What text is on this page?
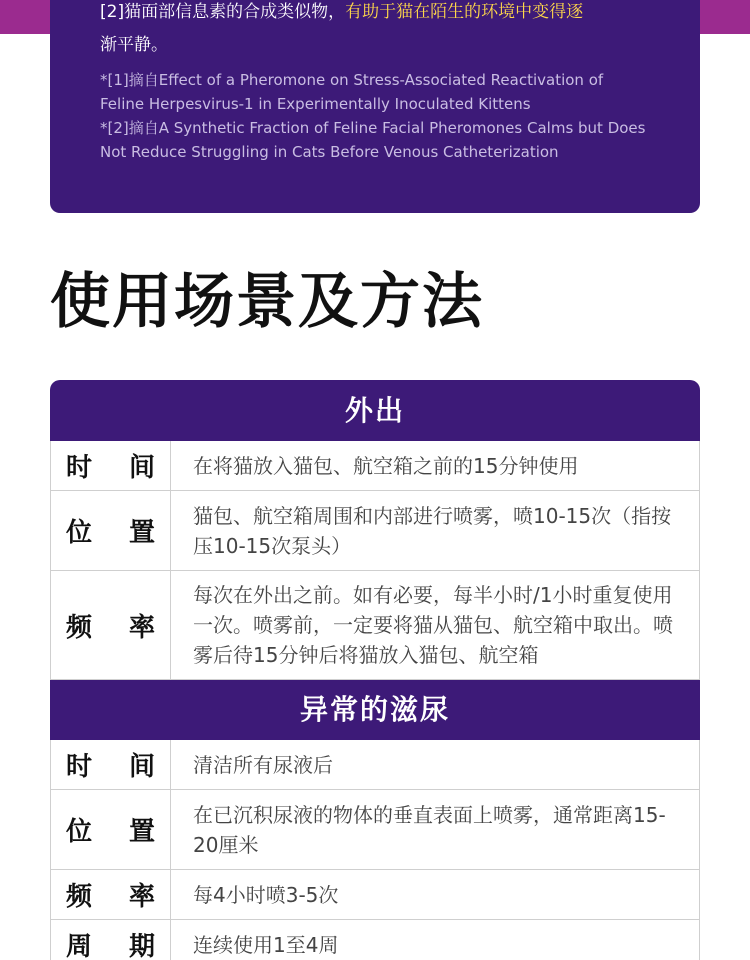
[2]猫面部信息素的合成类似物，有助于猫在陌生的环境中变得逐
渐平静。
*[1]摘自Effect of a Pheromone on Stress-Associated Reactivation of Feline Herpesvirus-1 in Experimentally Inoculated Kittens
*[2]摘自A Synthetic Fraction of Feline Facial Pheromones Calms but Does Not Reduce Struggling in Cats Before Venous Catheterization
使用场景及方法
外出
时 间 在将猫放入猫包、航空箱之前的15分钟使用
位 置
猫包、航空箱周围和内部进行喷雾，喷10-15次（指按压10-15次泵头）
频 率
每次在外出之前。如有必要，每半小时/1小时重复使用一次。喷雾前，一定要将猫从猫包、航空箱中取出。喷雾后待15分钟后将猫放入猫包、航空箱
异常的滋尿
时 间 清洁所有尿液后
位 置
在已沉积尿液的物体的垂直表面上喷雾，通常距离15-20厘米
频 率 每4小时喷3-5次
周 期 连续使用1至4周
